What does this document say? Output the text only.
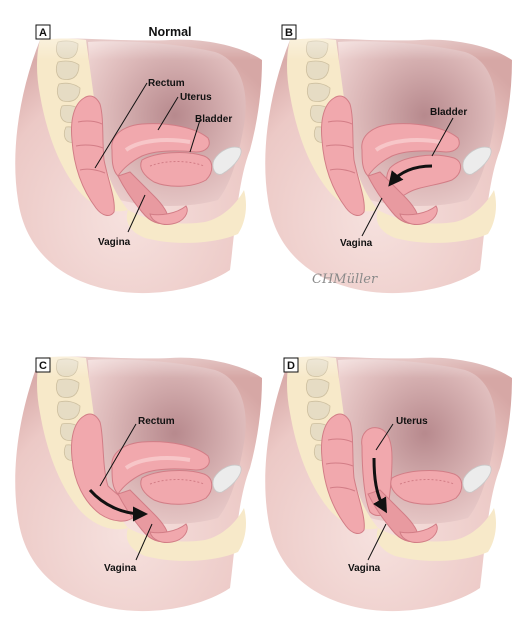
A	Normal
Rectum
Uterus
Bladder
Vagina
B
Bladder
Vagina
CHMüller
C
Rectum
Vagina
D
Uterus
Vagina
